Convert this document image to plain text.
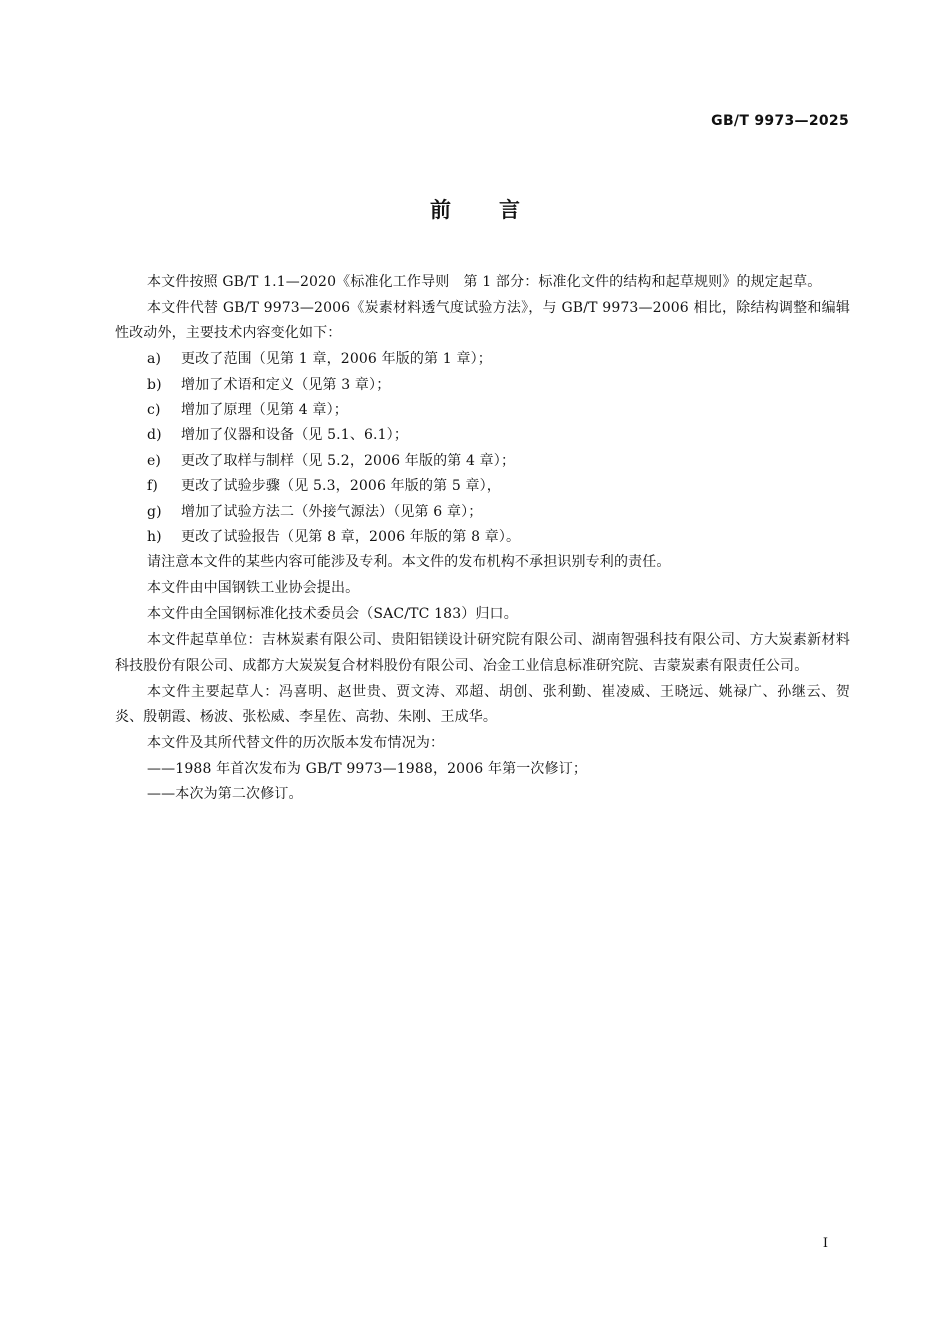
GB/T 9973—2025
前言

本文件按照 GB/T 1.1—2020《标准化工作导则　第 1 部分：标准化文件的结构和起草规则》的规定起草。

本文件代替 GB/T 9973—2006《炭素材料透气度试验方法》，与 GB/T 9973—2006 相比，除结构调整和编辑性改动外，主要技术内容变化如下：

a)	更改了范围（见第 1 章，2006 年版的第 1 章）；
b)	增加了术语和定义（见第 3 章）；
c)	增加了原理（见第 4 章）；
d)	增加了仪器和设备（见 5.1、6.1）；
e)	更改了取样与制样（见 5.2，2006 年版的第 4 章）；
f)	更改了试验步骤（见 5.3，2006 年版的第 5 章），
g)	增加了试验方法二（外接气源法）（见第 6 章）；
h)	更改了试验报告（见第 8 章，2006 年版的第 8 章）。

请注意本文件的某些内容可能涉及专利。本文件的发布机构不承担识别专利的责任。

本文件由中国钢铁工业协会提出。

本文件由全国钢标准化技术委员会（SAC/TC 183）归口。

本文件起草单位：吉林炭素有限公司、贵阳铝镁设计研究院有限公司、湖南智强科技有限公司、方大炭素新材料科技股份有限公司、成都方大炭炭复合材料股份有限公司、冶金工业信息标准研究院、吉蒙炭素有限责任公司。

本文件主要起草人：冯喜明、赵世贵、贾文涛、邓超、胡创、张利勤、崔凌威、王晓远、姚禄广、孙继云、贺炎、殷朝霞、杨波、张松威、李星佐、高勃、朱刚、王成华。

本文件及其所代替文件的历次版本发布情况为：

——1988 年首次发布为 GB/T 9973—1988，2006 年第一次修订；
——本次为第二次修订。
I
